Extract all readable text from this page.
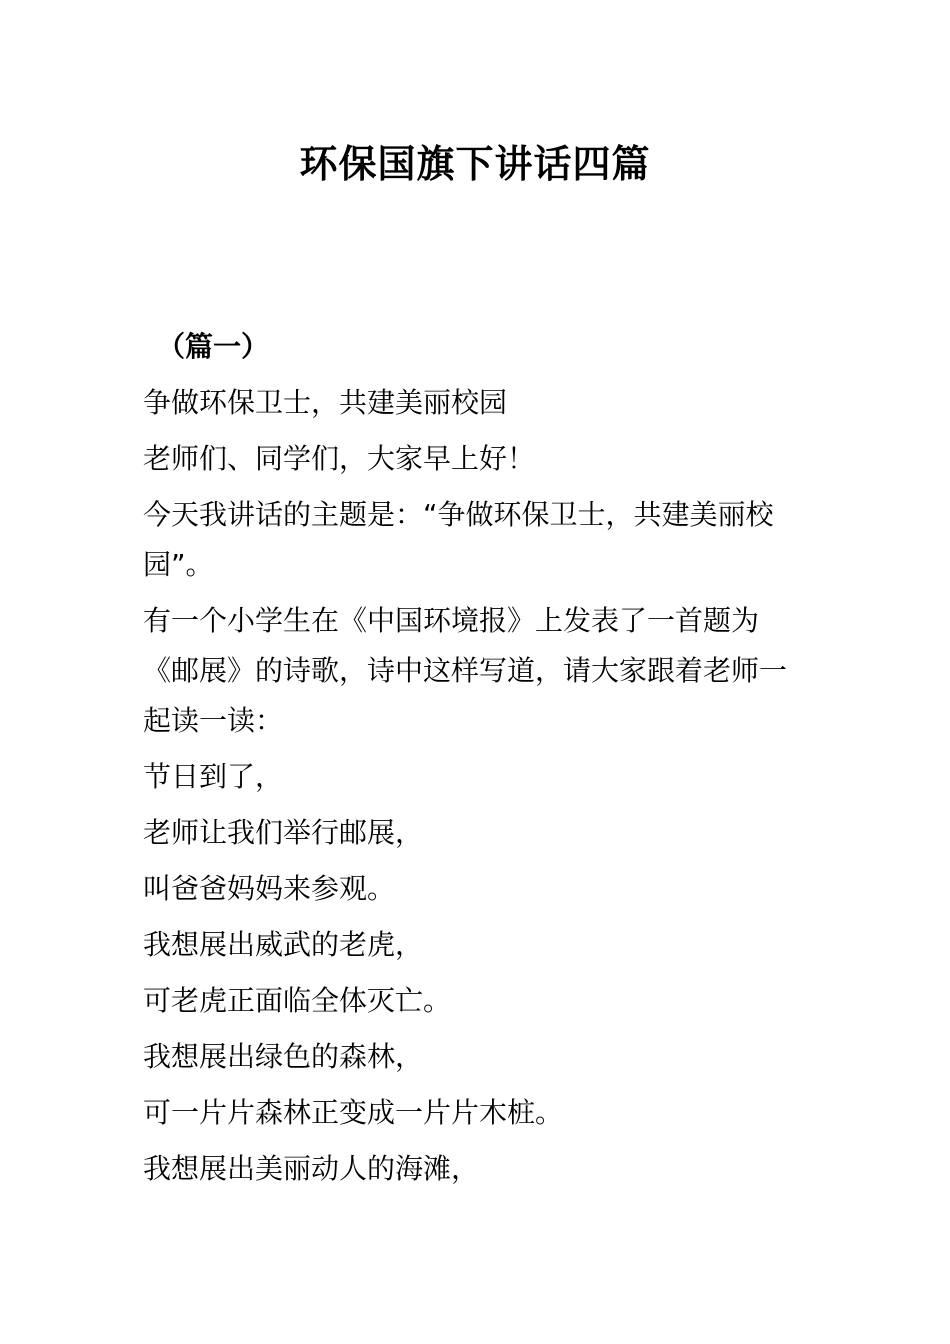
环保国旗下讲话四篇
（篇一）
争做环保卫士，共建美丽校园
老师们、同学们，大家早上好！
今天我讲话的主题是：“争做环保卫士，共建美丽校
园”。
有一个小学生在《中国环境报》上发表了一首题为
《邮展》的诗歌，诗中这样写道，请大家跟着老师一
起读一读：
节日到了，
老师让我们举行邮展，
叫爸爸妈妈来参观。
我想展出威武的老虎，
可老虎正面临全体灭亡。
我想展出绿色的森林，
可一片片森林正变成一片片木桩。
我想展出美丽动人的海滩，
